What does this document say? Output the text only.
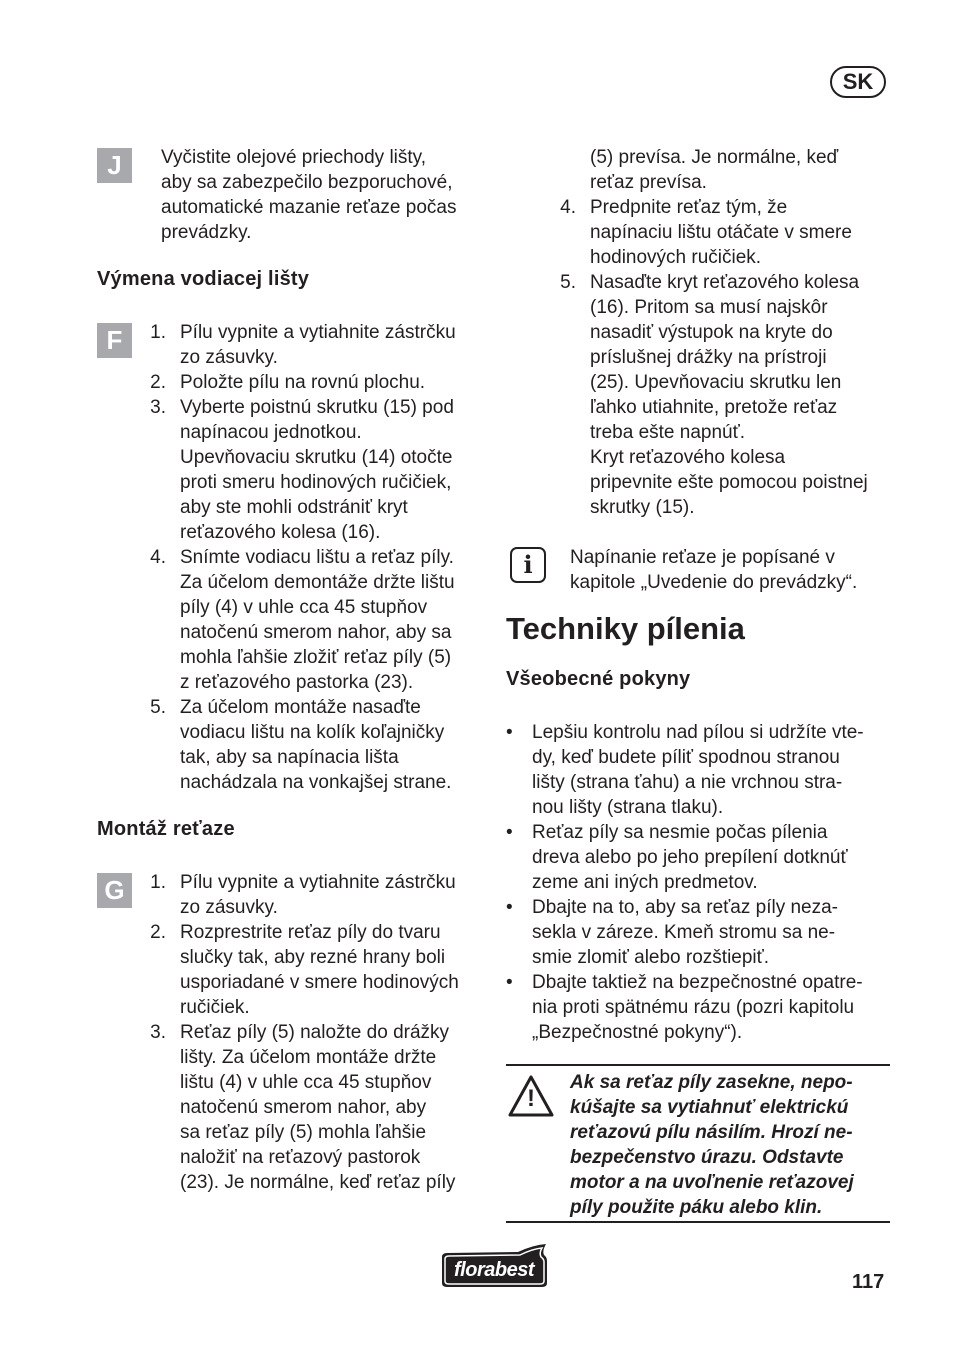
SK
J	Vyčistite olejové priechody lišty,
aby sa zabezpečilo bezporuchové,
automatické mazanie reťaze počas
prevádzky.
Výmena vodiacej lišty
F	1. Pílu vypnite a vytiahnite zástrčku
zo zásuvky.
2. Položte pílu na rovnú plochu.
3. Vyberte poistnú skrutku (15) pod
napínacou jednotkou.
Upevňovaciu skrutku (14) otočte
proti smeru hodinových ručičiek,
aby ste mohli odstrániť kryt
reťazového kolesa (16).
4. Snímte vodiacu lištu a reťaz píly.
Za účelom demontáže držte lištu
píly (4) v uhle cca 45 stupňov
natočenú smerom nahor, aby sa
mohla ľahšie zložiť reťaz píly (5)
z reťazového pastorka (23).
5. Za účelom montáže nasaďte
vodiacu lištu na kolík koľajničky
tak, aby sa napínacia lišta
nachádzala na vonkajšej strane.
Montáž reťaze
G	1. Pílu vypnite a vytiahnite zástrčku
zo zásuvky.
2. Rozprestrite reťaz píly do tvaru
slučky tak, aby rezné hrany boli
usporiadané v smere hodinových
ručičiek.
3. Reťaz píly (5) naložte do drážky
lišty. Za účelom montáže držte
lištu (4) v uhle cca 45 stupňov
natočenú smerom nahor, aby
sa reťaz píly (5) mohla ľahšie
naložiť na reťazový pastorok
(23). Je normálne, keď reťaz píly
(5) prevísa. Je normálne, keď
reťaz prevísa.
4. Predpnite reťaz tým, že
napínaciu lištu otáčate v smere
hodinových ručičiek.
5. Nasaďte kryt reťazového kolesa
(16). Pritom sa musí najskôr
nasadiť výstupok na kryte do
príslušnej drážky na prístroji
(25). Upevňovaciu skrutku len
ľahko utiahnite, pretože reťaz
treba ešte napnúť.
Kryt reťazového kolesa
pripevnite ešte pomocou poistnej
skrutky (15).
i	Napínanie reťaze je popísané v
kapitole „Uvedenie do prevádzky“.
Techniky pílenia
Všeobecné pokyny
• Lepšiu kontrolu nad pílou si udržíte vte-
dy, keď budete píliť spodnou stranou
lišty (strana ťahu) a nie vrchnou stra-
nou lišty (strana tlaku).
• Reťaz píly sa nesmie počas pílenia
dreva alebo po jeho prepílení dotknúť
zeme ani iných predmetov.
• Dbajte na to, aby sa reťaz píly neza-
sekla v záreze. Kmeň stromu sa ne-
smie zlomiť alebo rozštiepiť.
• Dbajte taktiež na bezpečnostné opatre-
nia proti spätnému rázu (pozri kapitolu
„Bezpečnostné pokyny“).
!
Ak sa reťaz píly zasekne, nepo-
kúšajte sa vytiahnuť elektrickú
reťazovú pílu násilím. Hrozí ne-
bezpečenstvo úrazu. Odstavte
motor a na uvoľnenie reťazovej
píly použite páku alebo klin.
florabest
117
